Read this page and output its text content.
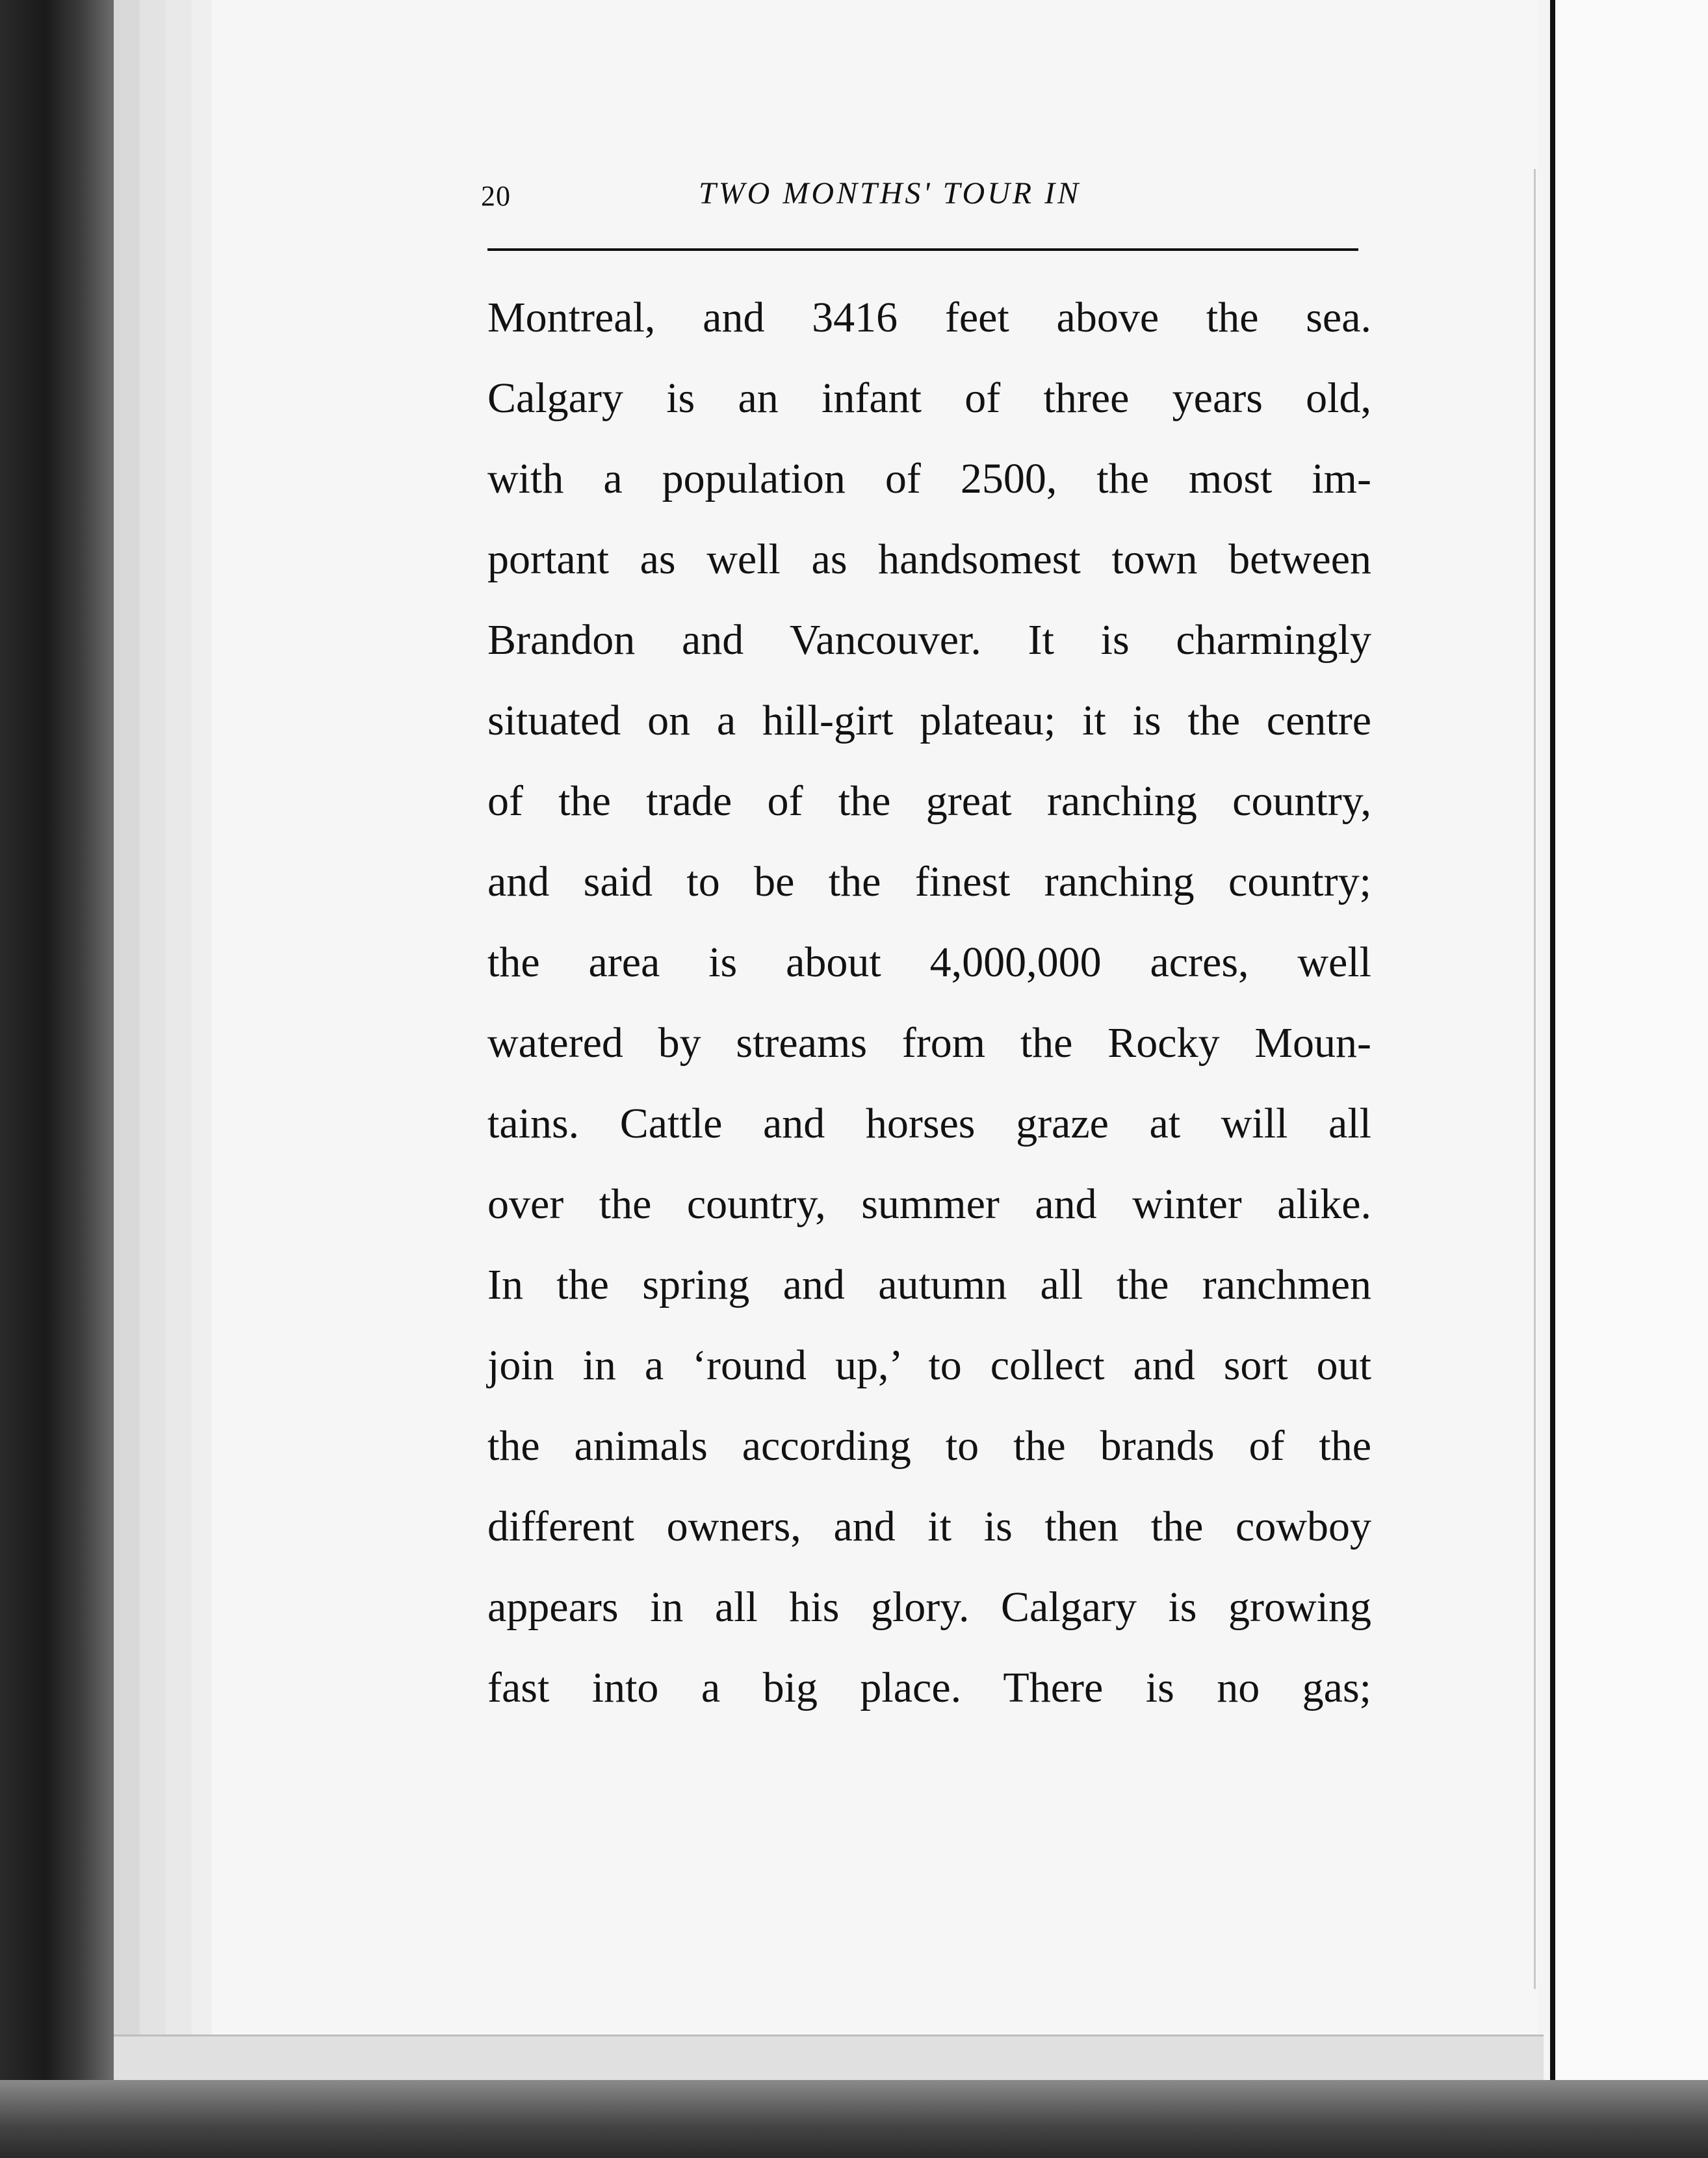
20	TWO MONTHS' TOUR IN
Montreal, and 3416 feet above the sea.
Calgary is an infant of three years old,
with a population of 2500, the most im-
portant as well as handsomest town between
Brandon and Vancouver. It is charmingly
situated on a hill-girt plateau; it is the centre
of the trade of the great ranching country,
and said to be the finest ranching country;
the area is about 4,000,000 acres, well
watered by streams from the Rocky Moun-
tains. Cattle and horses graze at will all
over the country, summer and winter alike.
In the spring and autumn all the ranchmen
join in a ‘round up,’ to collect and sort out
the animals according to the brands of the
different owners, and it is then the cowboy
appears in all his glory. Calgary is growing
fast into a big place. There is no gas;
